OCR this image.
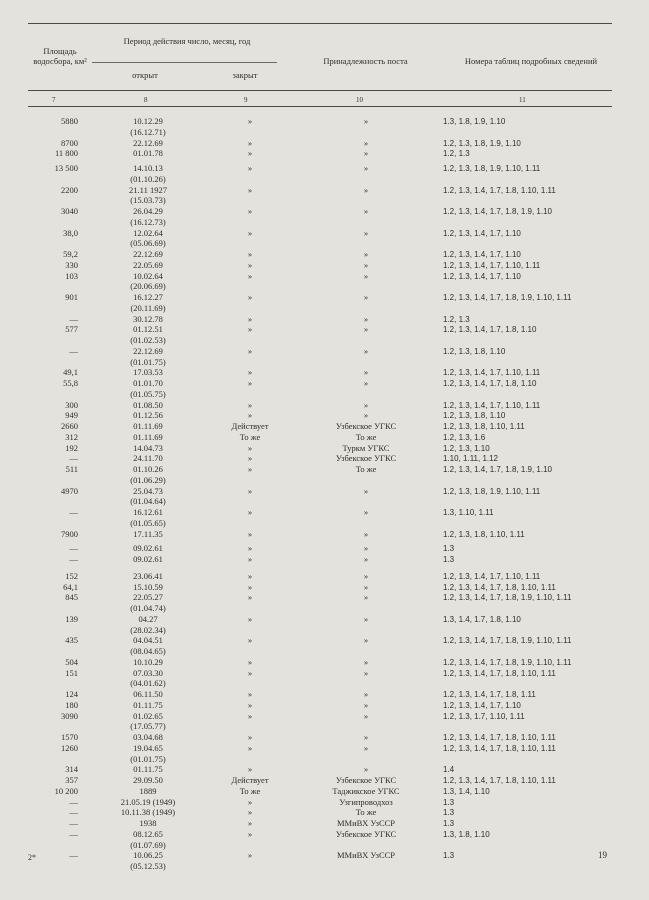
Площадь водосбора, км²
Период действия число, месяц, год
открыт	закрыт
Принадлежность поста	Номера таблиц подробных сведений
7	8	9	10	11
5880	10.12.29	»	»	1.3, 1.8, 1.9, 1.10
(16.12.71)
8700	22.12.69	»	»	1.2, 1.3, 1.8, 1.9, 1.10
11 800	01.01.78	»	»	1.2, 1.3
13 500	14.10.13	»	»	1.2, 1.3, 1.8, 1.9, 1.10, 1.11
(01.10.26)
2200	21.11 1927	»	»	1.2, 1.3, 1.4, 1.7, 1.8, 1.10, 1.11
(15.03.73)
3040	26.04.29	»	»	1.2, 1.3, 1.4, 1.7, 1.8, 1.9, 1.10
(16.12.73)
38,0	12.02.64	»	»	1.2, 1.3, 1.4, 1.7, 1.10
(05.06.69)
59,2	22.12.69	»	»	1.2, 1.3, 1.4, 1.7, 1.10
330	22.05.69	»	»	1.2, 1.3, 1.4, 1.7, 1.10, 1.11
103	10.02.64	»	»	1.2, 1.3, 1.4, 1.7, 1.10
(20.06.69)
901	16.12.27	»	»	1.2, 1.3, 1.4, 1.7, 1.8, 1.9, 1.10, 1.11
(20.11.69)
—	30.12.78	»	»	1.2, 1.3
577	01.12.51	»	»	1.2, 1.3, 1.4, 1.7, 1.8, 1.10
(01.02.53)
—	22.12.69	»	»	1.2, 1.3, 1.8, 1.10
(01.01.75)
49,1	17.03.53	»	»	1.2, 1.3, 1.4, 1.7, 1.10, 1.11
55,8	01.01.70	»	»	1.2, 1.3, 1.4, 1.7, 1.8, 1.10
(01.05.75)
300	01.08.50	»	»	1.2, 1.3, 1.4, 1.7, 1.10, 1.11
949	01.12.56	»	»	1.2, 1.3, 1.8, 1.10
2660	01.11.69	Действует	Узбекское УГКС	1.2, 1.3, 1.8, 1.10, 1.11
312	01.11.69	То же	То же	1.2, 1.3, 1.6
192	14.04.73	»	Туркм УГКС	1.2, 1.3, 1.10
—	24.11.70	»	Узбекское УГКС	1.10, 1.11, 1.12
511	01.10.26	»	То же	1.2, 1.3, 1.4, 1.7, 1.8, 1.9, 1.10
(01.06.29)
4970	25.04.73	»	»	1.2, 1.3, 1.8, 1.9, 1.10, 1.11
(01.04.64)
—	16.12.61	»	»	1.3, 1.10, 1.11
(01.05.65)
7900	17.11.35	»	»	1.2, 1.3, 1.8, 1.10, 1.11
—	09.02.61	»	»	1.3
—	09.02.61	»	»	1.3
152	23.06.41	»	»	1.2, 1.3, 1.4, 1.7, 1.10, 1.11
64,1	15.10.59	»	»	1.2, 1.3, 1.4, 1.7, 1.8, 1.10, 1.11
845	22.05.27	»	»	1.2, 1.3, 1.4, 1.7, 1.8, 1.9, 1.10, 1.11
(01.04.74)
139	04.27	»	»	1.3, 1.4, 1.7, 1.8, 1.10
(28.02.34)
435	04.04.51	»	»	1.2, 1.3, 1.4, 1.7, 1.8, 1.9, 1.10, 1.11
(08.04.65)
504	10.10.29	»	»	1.2, 1.3, 1.4, 1.7, 1.8, 1.9, 1.10, 1.11
151	07.03.30	»	»	1.2, 1.3, 1.4, 1.7, 1.8, 1.10, 1.11
(04.01.62)
124	06.11.50	»	»	1.2, 1.3, 1.4, 1.7, 1.8, 1.11
180	01.11.75	»	»	1.2, 1.3, 1.4, 1.7, 1.10
3090	01.02.65	»	»	1.2, 1.3, 1.7, 1.10, 1.11
(17.05.77)
1570	03.04.68	»	»	1.2, 1.3, 1.4, 1.7, 1.8, 1.10, 1.11
1260	19.04.65	»	»	1.2, 1.3, 1.4, 1.7, 1.8, 1.10, 1.11
(01.01.75)
314	01.11.75	»	»	1.4
357	29.09.50	Действует	Узбекское УГКС	1.2, 1.3, 1.4, 1.7, 1.8, 1.10, 1.11
10 200	1889	То же	Таджикское УГКС	1.3, 1.4, 1.10
—	21.05.19 (1949)	»	Узгипроводхоз	1.3
—	10.11.38 (1949)	»	То же	1.3
—	1938	»	ММиВХ УзССР	1.3
—	08.12.65	»	Узбекское УГКС	1.3, 1.8, 1.10
(01.07.69)
—	10.06.25	»	ММиВХ УзССР	1.3
(05.12.53)
2*	19
